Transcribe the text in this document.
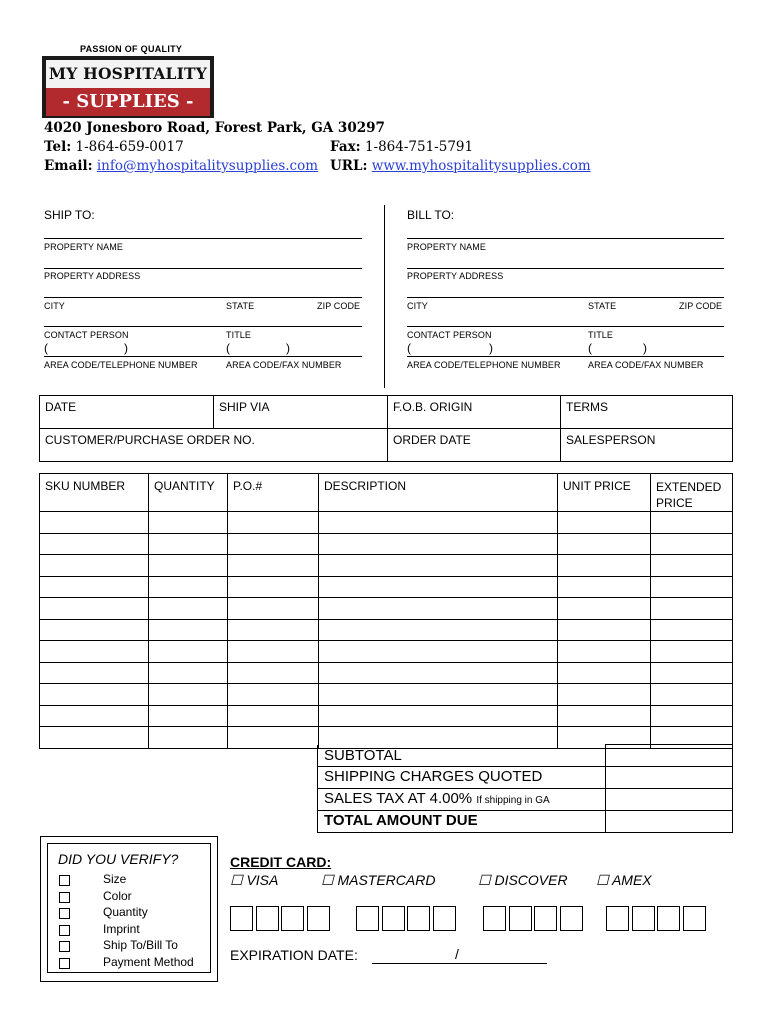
PASSION OF QUALITY
MY HOSPITALITY
- SUPPLIES -
4020 Jonesboro Road, Forest Park, GA 30297
Tel: 1-864-659-0017	Fax: 1-864-751-5791
Email: info@myhospitalitysupplies.com URL: www.myhospitalitysupplies.com
SHIP TO:
PROPERTY NAME
PROPERTY ADDRESS
CITY	STATE	ZIP CODE
CONTACT PERSON	TITLE
(	)	(	)
AREA CODE/TELEPHONE NUMBER	AREA CODE/FAX NUMBER
BILL TO:
PROPERTY NAME
PROPERTY ADDRESS
CITY	STATE	ZIP CODE
CONTACT PERSON	TITLE
(	)	(	)
AREA CODE/TELEPHONE NUMBER	AREA CODE/FAX NUMBER
DATE	SHIP VIA	F.O.B. ORIGIN	TERMS
CUSTOMER/PURCHASE ORDER NO.		ORDER DATE	SALESPERSON
SKU NUMBER	QUANTITY	P.O.#	DESCRIPTION	UNIT PRICE	EXTENDED
PRICE

SUBTOTAL	
SHIPPING CHARGES QUOTED	
SALES TAX AT 4.00% If shipping in GA	
TOTAL AMOUNT DUE	
DID YOU VERIFY?
Size
Color
Quantity
Imprint
Ship To/Bill To
Payment Method
CREDIT CARD:
☐ VISA	☐ MASTERCARD	☐ DISCOVER ☐ AMEX
EXPIRATION DATE:	/
